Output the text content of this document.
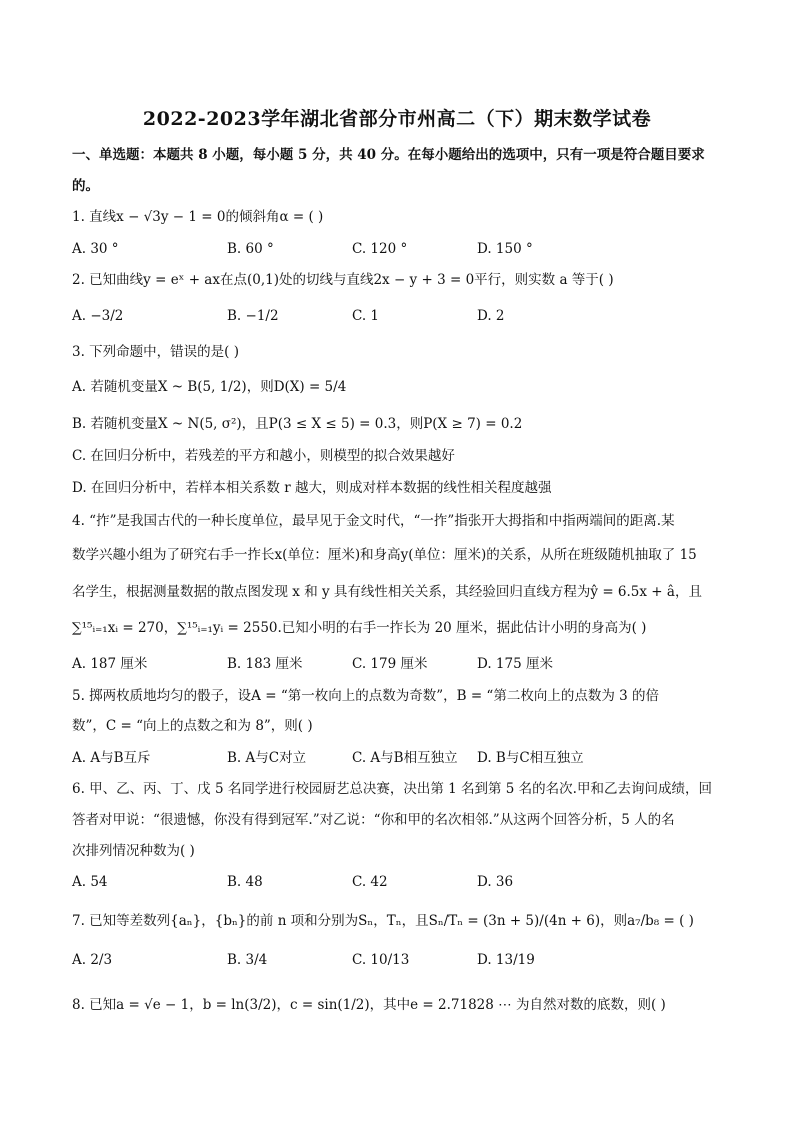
2022-2023学年湖北省部分市州高二（下）期末数学试卷
一、单选题：本题共 8 小题，每小题 5 分，共 40 分。在每小题给出的选项中，只有一项是符合题目要求
的。
1. 直线x − √3y − 1 = 0的倾斜角α = ( )
A. 30 °	B. 60 °	C. 120 °	D. 150 °
2. 已知曲线y = eˣ + ax在点(0,1)处的切线与直线2x − y + 3 = 0平行，则实数 a 等于( )
A. −3/2	B. −1/2	C. 1	D. 2
3. 下列命题中，错误的是( )
A. 若随机变量X ~ B(5, 1/2)，则D(X) = 5/4
B. 若随机变量X ~ N(5, σ²)，且P(3 ≤ X ≤ 5) = 0.3，则P(X ≥ 7) = 0.2
C. 在回归分析中，若残差的平方和越小，则模型的拟合效果越好
D. 在回归分析中，若样本相关系数 r 越大，则成对样本数据的线性相关程度越强
4. “拃”是我国古代的一种长度单位，最早见于金文时代，“一拃”指张开大拇指和中指两端间的距离.某
数学兴趣小组为了研究右手一拃长x(单位：厘米)和身高y(单位：厘米)的关系，从所在班级随机抽取了 15
名学生，根据测量数据的散点图发现 x 和 y 具有线性相关关系，其经验回归直线方程为ŷ = 6.5x + â，且
∑¹⁵ᵢ₌₁xᵢ = 270，∑¹⁵ᵢ₌₁yᵢ = 2550.已知小明的右手一拃长为 20 厘米，据此估计小明的身高为( )
A. 187 厘米	B. 183 厘米	C. 179 厘米	D. 175 厘米
5. 掷两枚质地均匀的骰子，设A = “第一枚向上的点数为奇数”，B = “第二枚向上的点数为 3 的倍
数”，C = “向上的点数之和为 8”，则( )
A. A与B互斥	B. A与C对立	C. A与B相互独立 D. B与C相互独立
6. 甲、乙、丙、丁、戊 5 名同学进行校园厨艺总决赛，决出第 1 名到第 5 名的名次.甲和乙去询问成绩，回
答者对甲说：“很遗憾，你没有得到冠军.”对乙说：“你和甲的名次相邻.”从这两个回答分析，5 人的名
次排列情况种数为( )
A. 54	B. 48	C. 42	D. 36
7. 已知等差数列{aₙ}，{bₙ}的前 n 项和分别为Sₙ，Tₙ，且Sₙ/Tₙ = (3n + 5)/(4n + 6)，则a₇/b₈ = ( )
A. 2/3	B. 3/4	C. 10/13	D. 13/19
8. 已知a = √e − 1，b = ln(3/2)，c = sin(1/2)，其中e = 2.71828 ⋯ 为自然对数的底数，则( )
